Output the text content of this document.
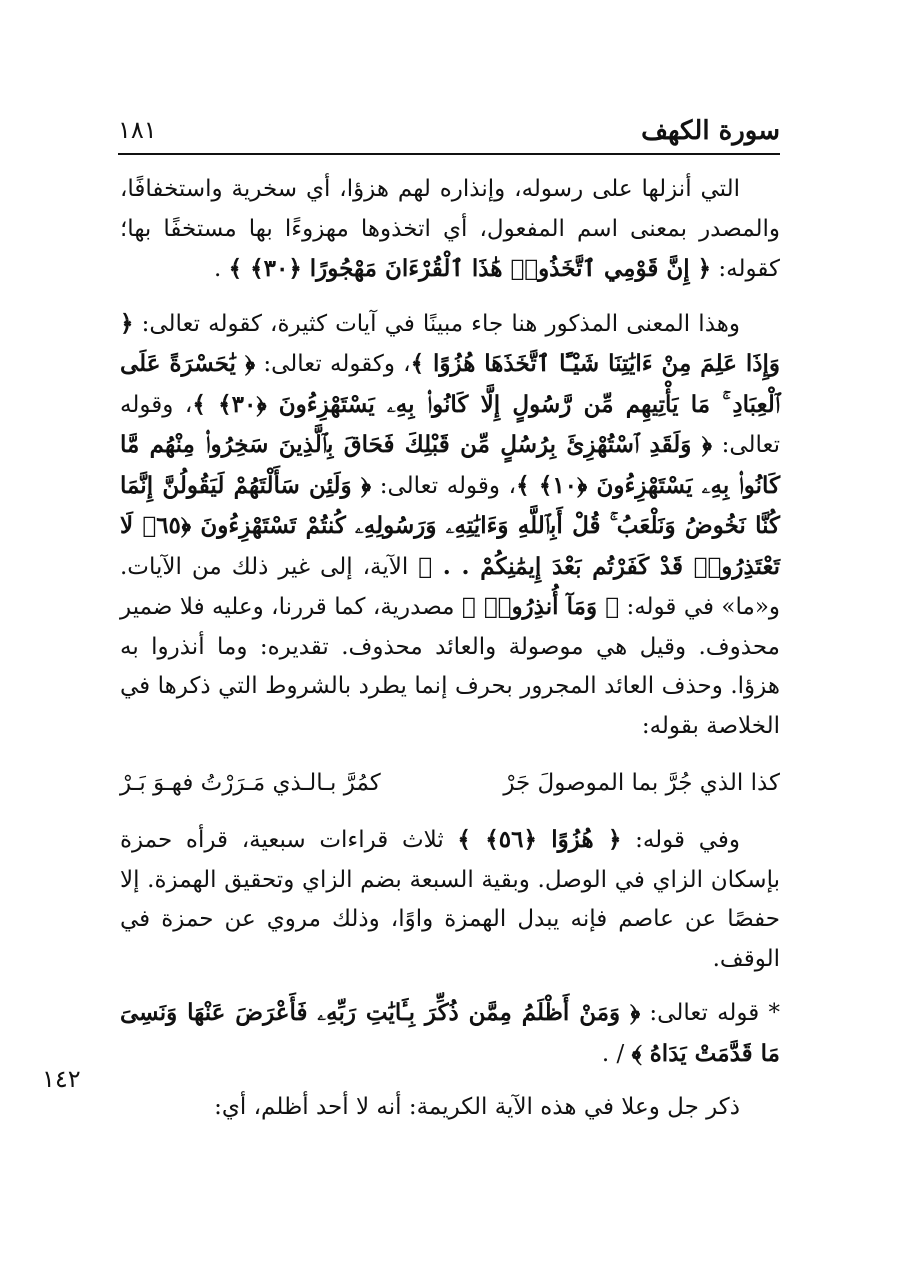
سورة الكهف
١٨١

التي أنزلها على رسوله، وإنذاره لهم هزؤا، أي سخرية واستخفافًا، والمصدر بمعنى اسم المفعول، أي اتخذوها مهزوءًا بها مستخفًا بها؛ كقوله: ﴿ إِنَّ قَوْمِي ٱتَّخَذُوا۟ هَٰذَا ٱلْقُرْءَانَ مَهْجُورًا ﴿٣٠﴾ ﴾ .

وهذا المعنى المذكور هنا جاء مبينًا في آيات كثيرة، كقوله تعالى: ﴿ وَإِذَا عَلِمَ مِنْ ءَايَٰتِنَا شَيْـًٔا ٱتَّخَذَهَا هُزُوًا ﴾، وكقوله تعالى: ﴿ يَٰحَسْرَةً عَلَى ٱلْعِبَادِ ۚ مَا يَأْتِيهِم مِّن رَّسُولٍ إِلَّا كَانُوا۟ بِهِۦ يَسْتَهْزِءُونَ ﴿٣٠﴾ ﴾، وقوله تعالى: ﴿ وَلَقَدِ ٱسْتُهْزِئَ بِرُسُلٍ مِّن قَبْلِكَ فَحَاقَ بِٱلَّذِينَ سَخِرُوا۟ مِنْهُم مَّا كَانُوا۟ بِهِۦ يَسْتَهْزِءُونَ ﴿١٠﴾ ﴾، وقوله تعالى: ﴿ وَلَئِن سَأَلْتَهُمْ لَيَقُولُنَّ إِنَّمَا كُنَّا نَخُوضُ وَنَلْعَبُ ۚ قُلْ أَبِٱللَّهِ وَءَايَٰتِهِۦ وَرَسُولِهِۦ كُنتُمْ تَسْتَهْزِءُونَ ﴿٦٥﴾ لَا تَعْتَذِرُوا۟ قَدْ كَفَرْتُم بَعْدَ إِيمَٰنِكُمْ . . ﴾ الآية، إلى غير ذلك من الآيات. و«ما» في قوله: ﴿ وَمَآ أُنذِرُوا۟ ﴾ مصدرية، كما قررنا، وعليه فلا ضمير محذوف. وقيل هي موصولة والعائد محذوف. تقديره: وما أنذروا به هزؤا. وحذف العائد المجرور بحرف إنما يطرد بالشروط التي ذكرها في الخلاصة بقوله:

كذا الذي جُرَّ بما الموصولَ جَرْ
كمُرَّ بـالـذي مَـرَرْتُ فهـوَ بَـرْ

وفي قوله: ﴿ هُزُوًا ﴿٥٦﴾ ﴾ ثلاث قراءات سبعية، قرأه حمزة بإسكان الزاي في الوصل. وبقية السبعة بضم الزاي وتحقيق الهمزة. إلا حفصًا عن عاصم فإنه يبدل الهمزة واوًا، وذلك مروي عن حمزة في الوقف.

* قوله تعالى: ﴿ وَمَنْ أَظْلَمُ مِمَّن ذُكِّرَ بِـَٔايَٰتِ رَبِّهِۦ فَأَعْرَضَ عَنْهَا وَنَسِىَ مَا قَدَّمَتْ يَدَاهُ ﴾ / .

ذكر جل وعلا في هذه الآية الكريمة: أنه لا أحد أظلم، أي:

١٤٢
